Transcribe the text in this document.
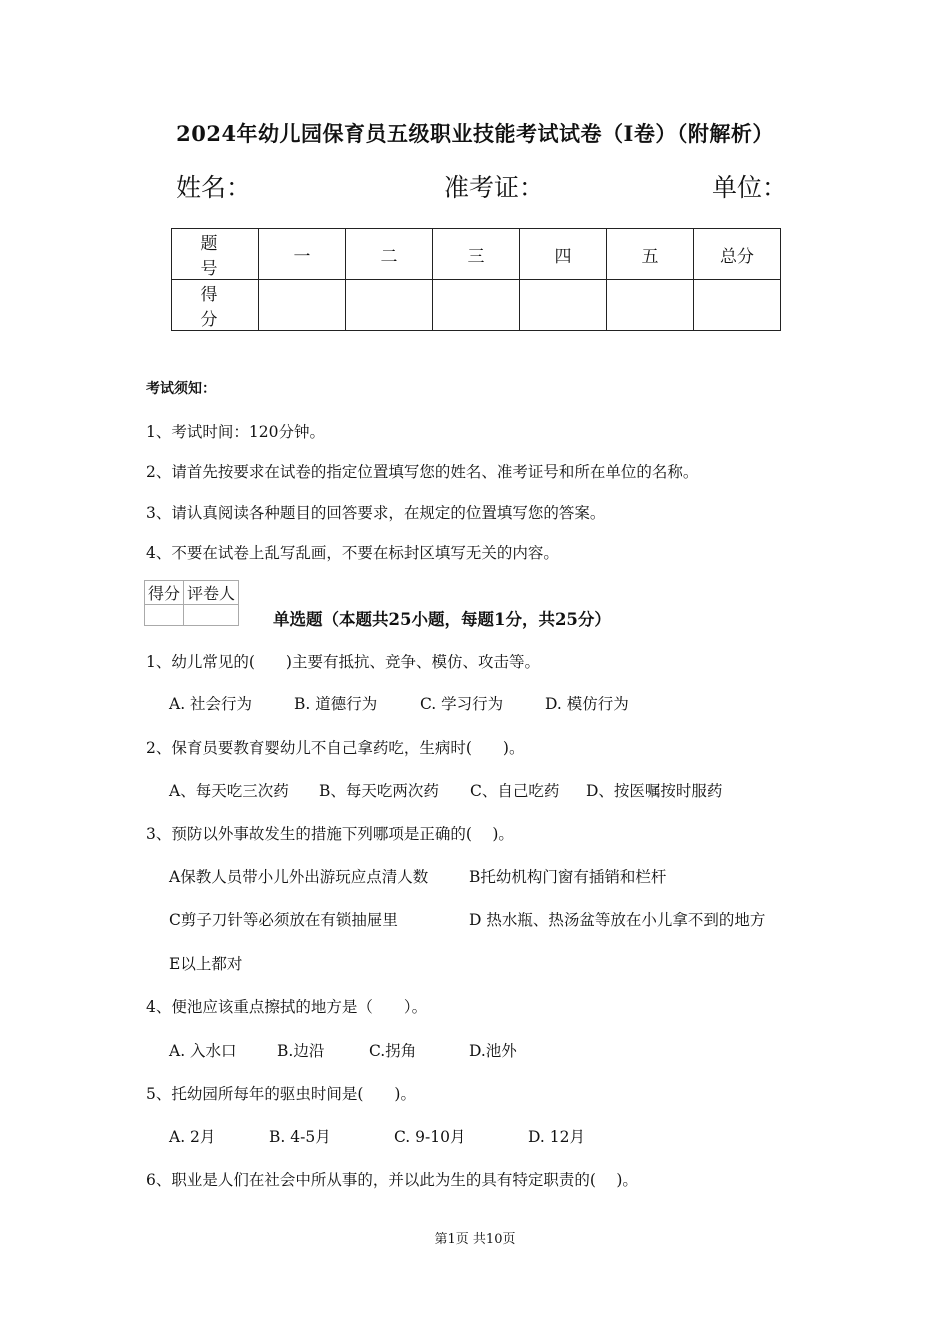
2024年幼儿园保育员五级职业技能考试试卷（I卷）（附解析）
姓名：	准考证：	单位：
题　号	一	二	三	四	五	总分
得　分						
考试须知：
1、考试时间：120分钟。
2、请首先按要求在试卷的指定位置填写您的姓名、准考证号和所在单位的名称。
3、请认真阅读各种题目的回答要求，在规定的位置填写您的答案。
4、不要在试卷上乱写乱画，不要在标封区填写无关的内容。
得分	评卷人

单选题（本题共25小题，每题1分，共25分）
1、幼儿常见的(　　)主要有抵抗、竞争、模仿、攻击等。
A. 社会行为	B. 道德行为	C. 学习行为	D. 模仿行为
2、保育员要教育婴幼儿不自己拿药吃，生病时(　　)。
A、每天吃三次药 B、每天吃两次药 C、自己吃药 D、按医嘱按时服药
3、预防以外事故发生的措施下列哪项是正确的(　 )。
A保教人员带小儿外出游玩应点清人数	B托幼机构门窗有插销和栏杆
C剪子刀针等必须放在有锁抽屉里	D 热水瓶、热汤盆等放在小儿拿不到的地方
E以上都对
4、便池应该重点擦拭的地方是（　　）。
A. 入水口	B.边沿	C.拐角	D.池外
5、托幼园所每年的驱虫时间是(　　)。
A. 2月	B. 4-5月	C. 9-10月	D. 12月
6、职业是人们在社会中所从事的，并以此为生的具有特定职责的(　 )。
第1页 共10页
